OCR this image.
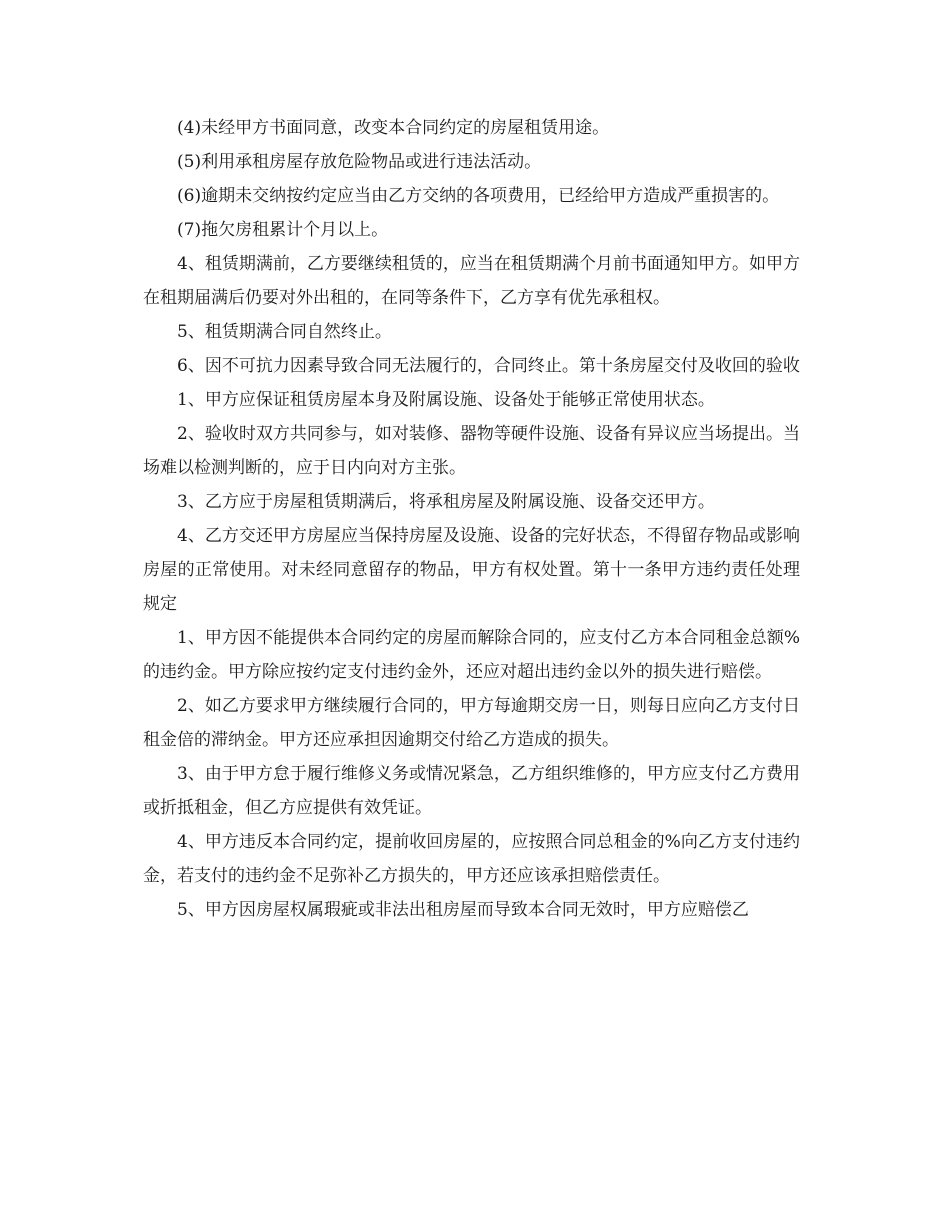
(4)未经甲方书面同意，改变本合同约定的房屋租赁用途。

(5)利用承租房屋存放危险物品或进行违法活动。

(6)逾期未交纳按约定应当由乙方交纳的各项费用，已经给甲方造成严重损害的。

(7)拖欠房租累计个月以上。

4、租赁期满前，乙方要继续租赁的，应当在租赁期满个月前书面通知甲方。如甲方在租期届满后仍要对外出租的，在同等条件下，乙方享有优先承租权。

5、租赁期满合同自然终止。

6、因不可抗力因素导致合同无法履行的，合同终止。第十条房屋交付及收回的验收

1、甲方应保证租赁房屋本身及附属设施、设备处于能够正常使用状态。

2、验收时双方共同参与，如对装修、器物等硬件设施、设备有异议应当场提出。当场难以检测判断的，应于日内向对方主张。

3、乙方应于房屋租赁期满后，将承租房屋及附属设施、设备交还甲方。

4、乙方交还甲方房屋应当保持房屋及设施、设备的完好状态，不得留存物品或影响房屋的正常使用。对未经同意留存的物品，甲方有权处置。第十一条甲方违约责任处理规定

1、甲方因不能提供本合同约定的房屋而解除合同的，应支付乙方本合同租金总额%的违约金。甲方除应按约定支付违约金外，还应对超出违约金以外的损失进行赔偿。

2、如乙方要求甲方继续履行合同的，甲方每逾期交房一日，则每日应向乙方支付日租金倍的滞纳金。甲方还应承担因逾期交付给乙方造成的损失。

3、由于甲方怠于履行维修义务或情况紧急，乙方组织维修的，甲方应支付乙方费用或折抵租金，但乙方应提供有效凭证。

4、甲方违反本合同约定，提前收回房屋的，应按照合同总租金的%向乙方支付违约金，若支付的违约金不足弥补乙方损失的，甲方还应该承担赔偿责任。

5、甲方因房屋权属瑕疵或非法出租房屋而导致本合同无效时，甲方应赔偿乙
